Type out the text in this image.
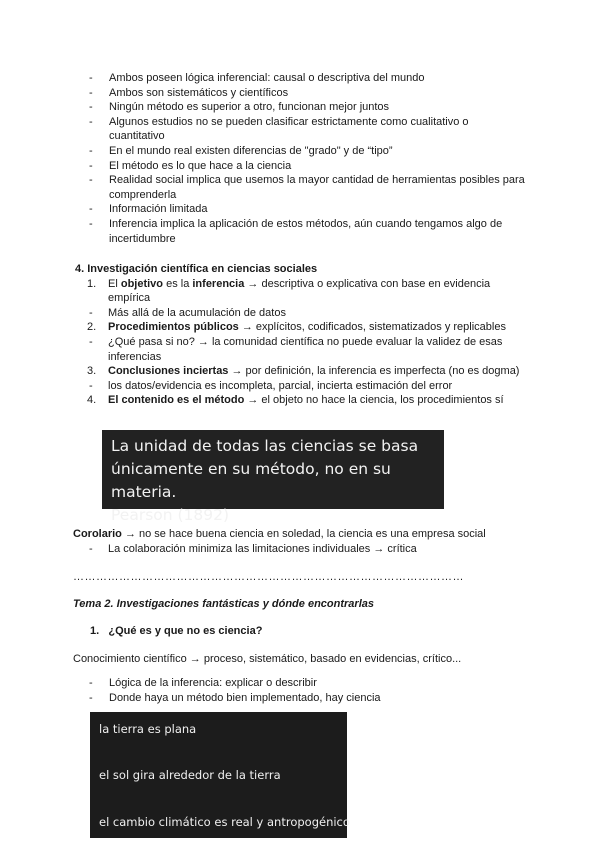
- Ambos poseen lógica inferencial: causal o descriptiva del mundo
- Ambos son sistemáticos y científicos
- Ningún método es superior a otro, funcionan mejor juntos
- Algunos estudios no se pueden clasificar estrictamente como cualitativo o cuantitativo
- En el mundo real existen diferencias de "grado" y de “tipo”
- El método es lo que hace a la ciencia
- Realidad social implica que usemos la mayor cantidad de herramientas posibles para comprenderla
- Información limitada
- Inferencia implica la aplicación de estos métodos, aún cuando tengamos algo de incertidumbre
4. Investigación científica en ciencias sociales
1. El objetivo es la inferencia → descriptiva o explicativa con base en evidencia empírica
- Más allá de la acumulación de datos
2. Procedimientos públicos → explícitos, codificados, sistematizados y replicables
- ¿Qué pasa si no? → la comunidad científica no puede evaluar la validez de esas inferencias
3. Conclusiones inciertas → por definición, la inferencia es imperfecta (no es dogma)
- los datos/evidencia es incompleta, parcial, incierta estimación del error
4. El contenido es el método → el objeto no hace la ciencia, los procedimientos sí
La unidad de todas las ciencias se basa
únicamente en su método, no en su materia.
Pearson (1892)
Corolario → no se hace buena ciencia en soledad, la ciencia es una empresa social
- La colaboración minimiza las limitaciones individuales → crítica
…………………………………………………………………………………………
Tema 2. Investigaciones fantásticas y dónde encontrarlas
1. ¿Qué es y que no es ciencia?
Conocimiento científico → proceso, sistemático, basado en evidencias, crítico...
- Lógica de la inferencia: explicar o describir
- Donde haya un método bien implementado, hay ciencia
la tierra es plana
el sol gira alrededor de la tierra
el cambio climático es real y antropogénico
